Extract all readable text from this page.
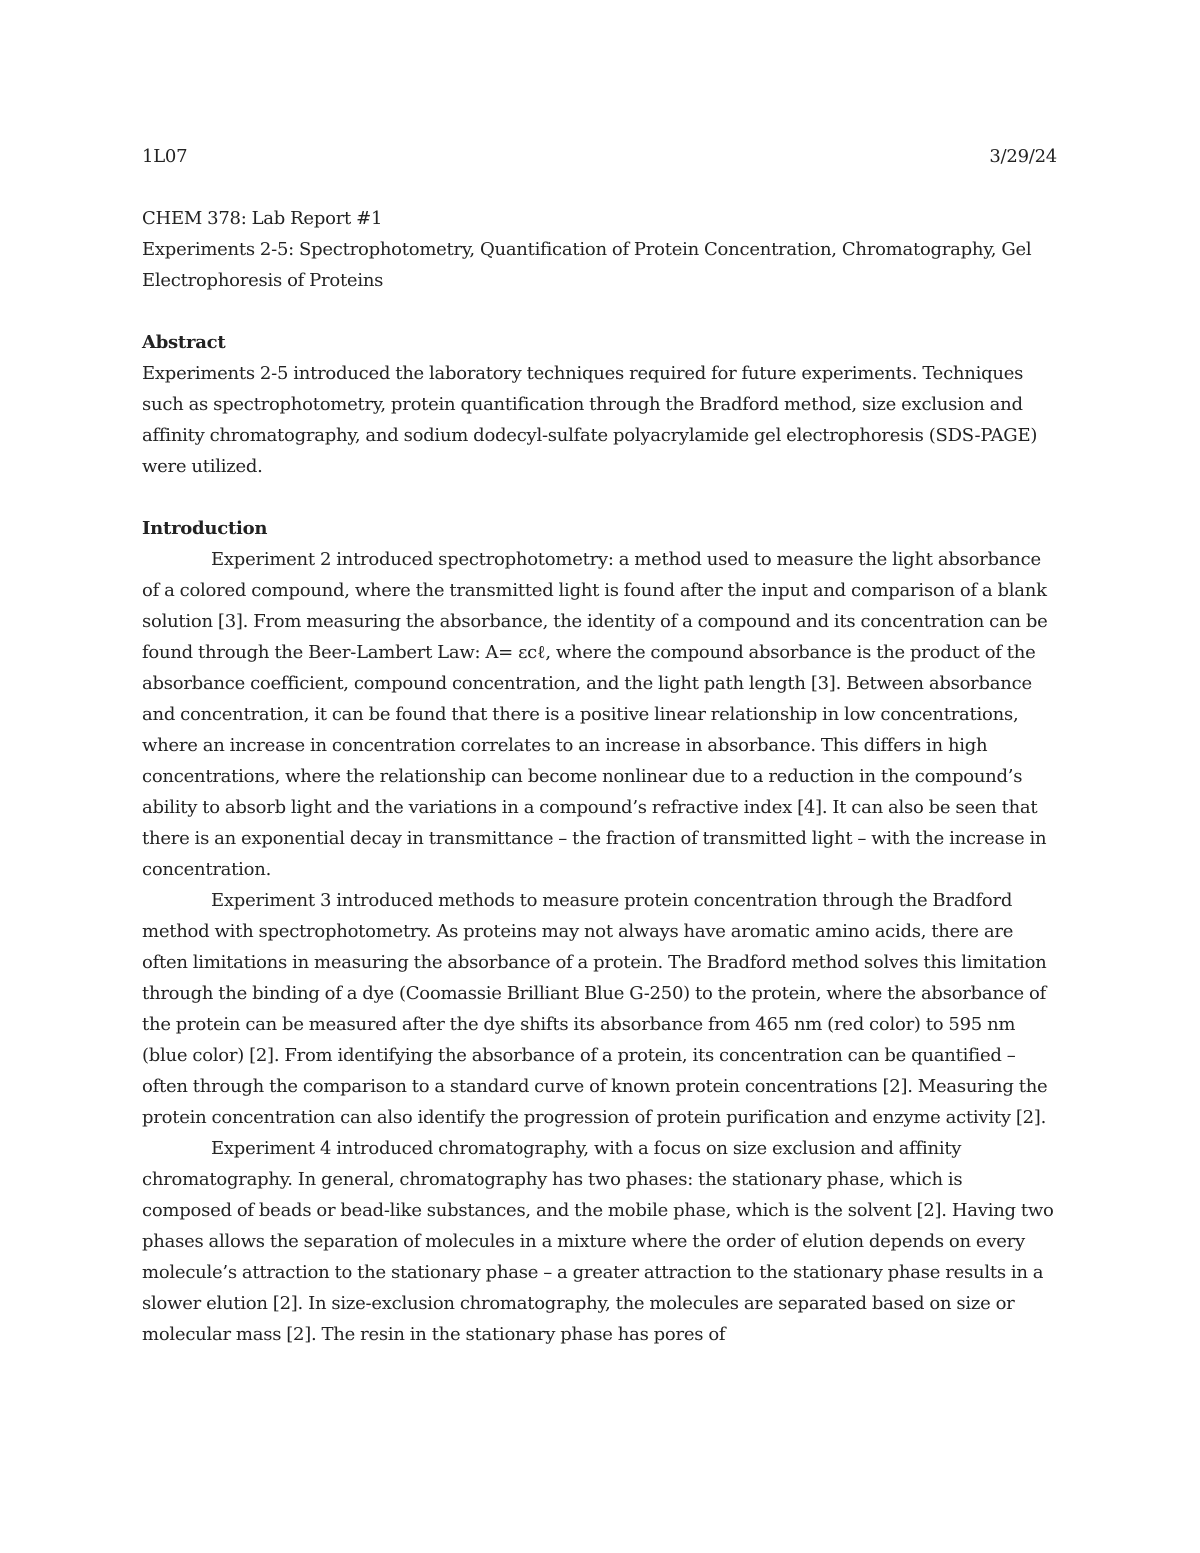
1L07	3/29/24
CHEM 378: Lab Report #1
Experiments 2-5: Spectrophotometry, Quantification of Protein Concentration, Chromatography, Gel Electrophoresis of Proteins
Abstract

Experiments 2-5 introduced the laboratory techniques required for future experiments. Techniques such as spectrophotometry, protein quantification through the Bradford method, size exclusion and affinity chromatography, and sodium dodecyl-sulfate polyacrylamide gel electrophoresis (SDS-PAGE) were utilized.

Introduction

Experiment 2 introduced spectrophotometry: a method used to measure the light absorbance of a colored compound, where the transmitted light is found after the input and comparison of a blank solution [3]. From measuring the absorbance, the identity of a compound and its concentration can be found through the Beer-Lambert Law: A= εcℓ, where the compound absorbance is the product of the absorbance coefficient, compound concentration, and the light path length [3]. Between absorbance and concentration, it can be found that there is a positive linear relationship in low concentrations, where an increase in concentration correlates to an increase in absorbance. This differs in high concentrations, where the relationship can become nonlinear due to a reduction in the compound’s ability to absorb light and the variations in a compound’s refractive index [4]. It can also be seen that there is an exponential decay in transmittance – the fraction of transmitted light – with the increase in concentration.

Experiment 3 introduced methods to measure protein concentration through the Bradford method with spectrophotometry. As proteins may not always have aromatic amino acids, there are often limitations in measuring the absorbance of a protein. The Bradford method solves this limitation through the binding of a dye (Coomassie Brilliant Blue G-250) to the protein, where the absorbance of the protein can be measured after the dye shifts its absorbance from 465 nm (red color) to 595 nm (blue color) [2]. From identifying the absorbance of a protein, its concentration can be quantified – often through the comparison to a standard curve of known protein concentrations [2]. Measuring the protein concentration can also identify the progression of protein purification and enzyme activity [2].

Experiment 4 introduced chromatography, with a focus on size exclusion and affinity chromatography. In general, chromatography has two phases: the stationary phase, which is composed of beads or bead-like substances, and the mobile phase, which is the solvent [2]. Having two phases allows the separation of molecules in a mixture where the order of elution depends on every molecule’s attraction to the stationary phase – a greater attraction to the stationary phase results in a slower elution [2]. In size-exclusion chromatography, the molecules are separated based on size or molecular mass [2]. The resin in the stationary phase has pores of
